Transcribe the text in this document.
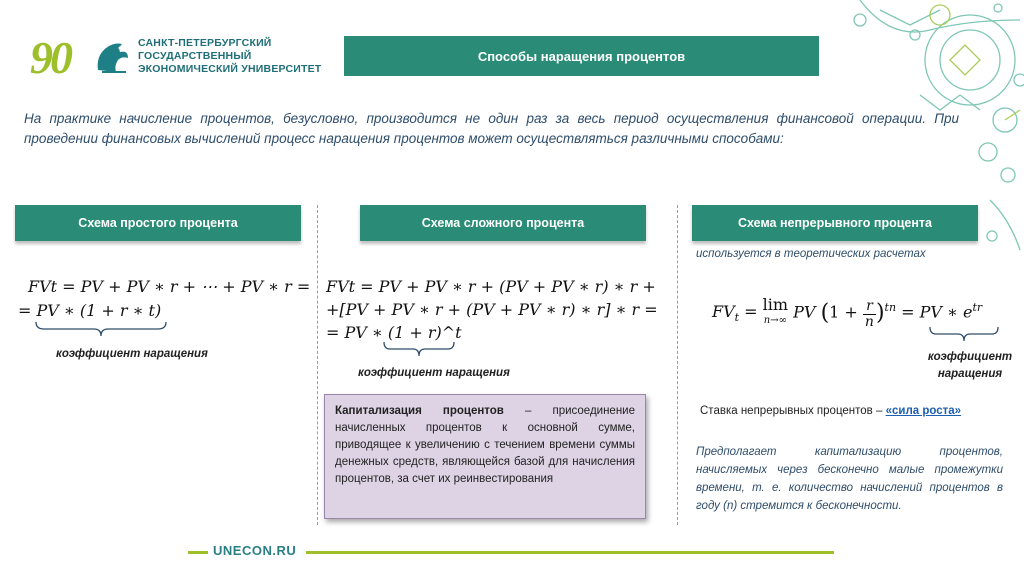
90	САНКТ-ПЕТЕРБУРГСКИЙ
ГОСУДАРСТВЕННЫЙ
ЭКОНОМИЧЕСКИЙ УНИВЕРСИТЕТ
Способы наращения процентов
На практике начисление процентов, безусловно, производится не один раз за весь период осуществления финансовой операции. При проведении финансовых вычислений процесс наращения процентов может осуществляться различными способами:
Схема простого процента	Схема сложного процента	Схема непрерывного процента
FVt = PV + PV ∗ r + ⋯ + PV ∗ r =
= PV ∗ (1 + r ∗ t)
коэффициент наращения
FVt = PV + PV ∗ r + (PV + PV ∗ r) ∗ r +
+[PV + PV ∗ r + (PV + PV ∗ r) ∗ r] ∗ r =
= PV ∗ (1 + r)^t
коэффициент наращения
Капитализация процентов – присоединение начисленных процентов к основной сумме, приводящее к увеличению с течением времени суммы денежных средств, являющейся базой для начисления процентов, за счет их реинвестирования
используется в теоретических расчетах
$FV_t = \lim$
n→∞ PV (1 + r
n)$^{tn}$ = PV ∗ $e^{tr}$
коэффициент
наращения
Ставка непрерывных процентов – «сила роста»
Предполагает капитализацию процентов, начисляемых через бесконечно малые промежутки времени, т. е. количество начислений процентов в году (n) стремится к бесконечности.
UNECON.RU
